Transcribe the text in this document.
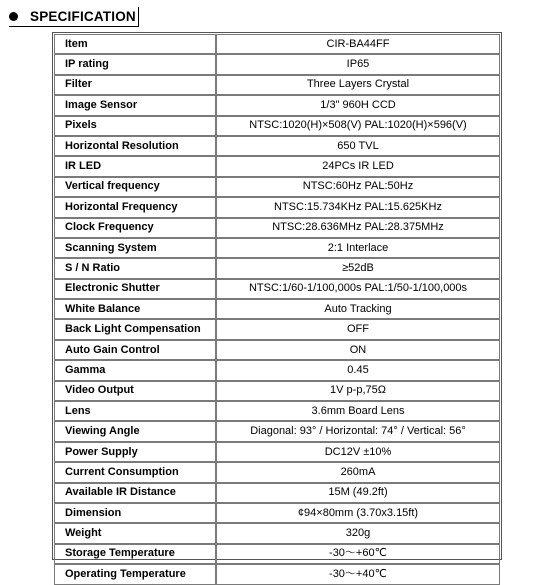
SPECIFICATION
Item	CIR-BA44FF
IP rating	IP65
Filter	Three Layers Crystal
Image Sensor	1/3" 960H CCD
Pixels	NTSC:1020(H)×508(V) PAL:1020(H)×596(V)
Horizontal Resolution	650 TVL
IR LED	24PCs IR LED
Vertical frequency	NTSC:60Hz PAL:50Hz
Horizontal Frequency	NTSC:15.734KHz PAL:15.625KHz
Clock Frequency	NTSC:28.636MHz PAL:28.375MHz
Scanning System	2:1 Interlace
S / N Ratio	≥52dB
Electronic Shutter	NTSC:1/60-1/100,000s PAL:1/50-1/100,000s
White Balance	Auto Tracking
Back Light Compensation	OFF
Auto Gain Control	ON
Gamma	0.45
Video Output	1V p-p,75Ω
Lens	3.6mm Board Lens
Viewing Angle	Diagonal: 93° / Horizontal: 74° / Vertical: 56°
Power Supply	DC12V ±10%
Current Consumption	260mA
Available IR Distance	15M (49.2ft)
Dimension	¢94×80mm (3.70x3.15ft)
Weight	320g
Storage Temperature	-30～+60℃
Operating Temperature	-30～+40℃
